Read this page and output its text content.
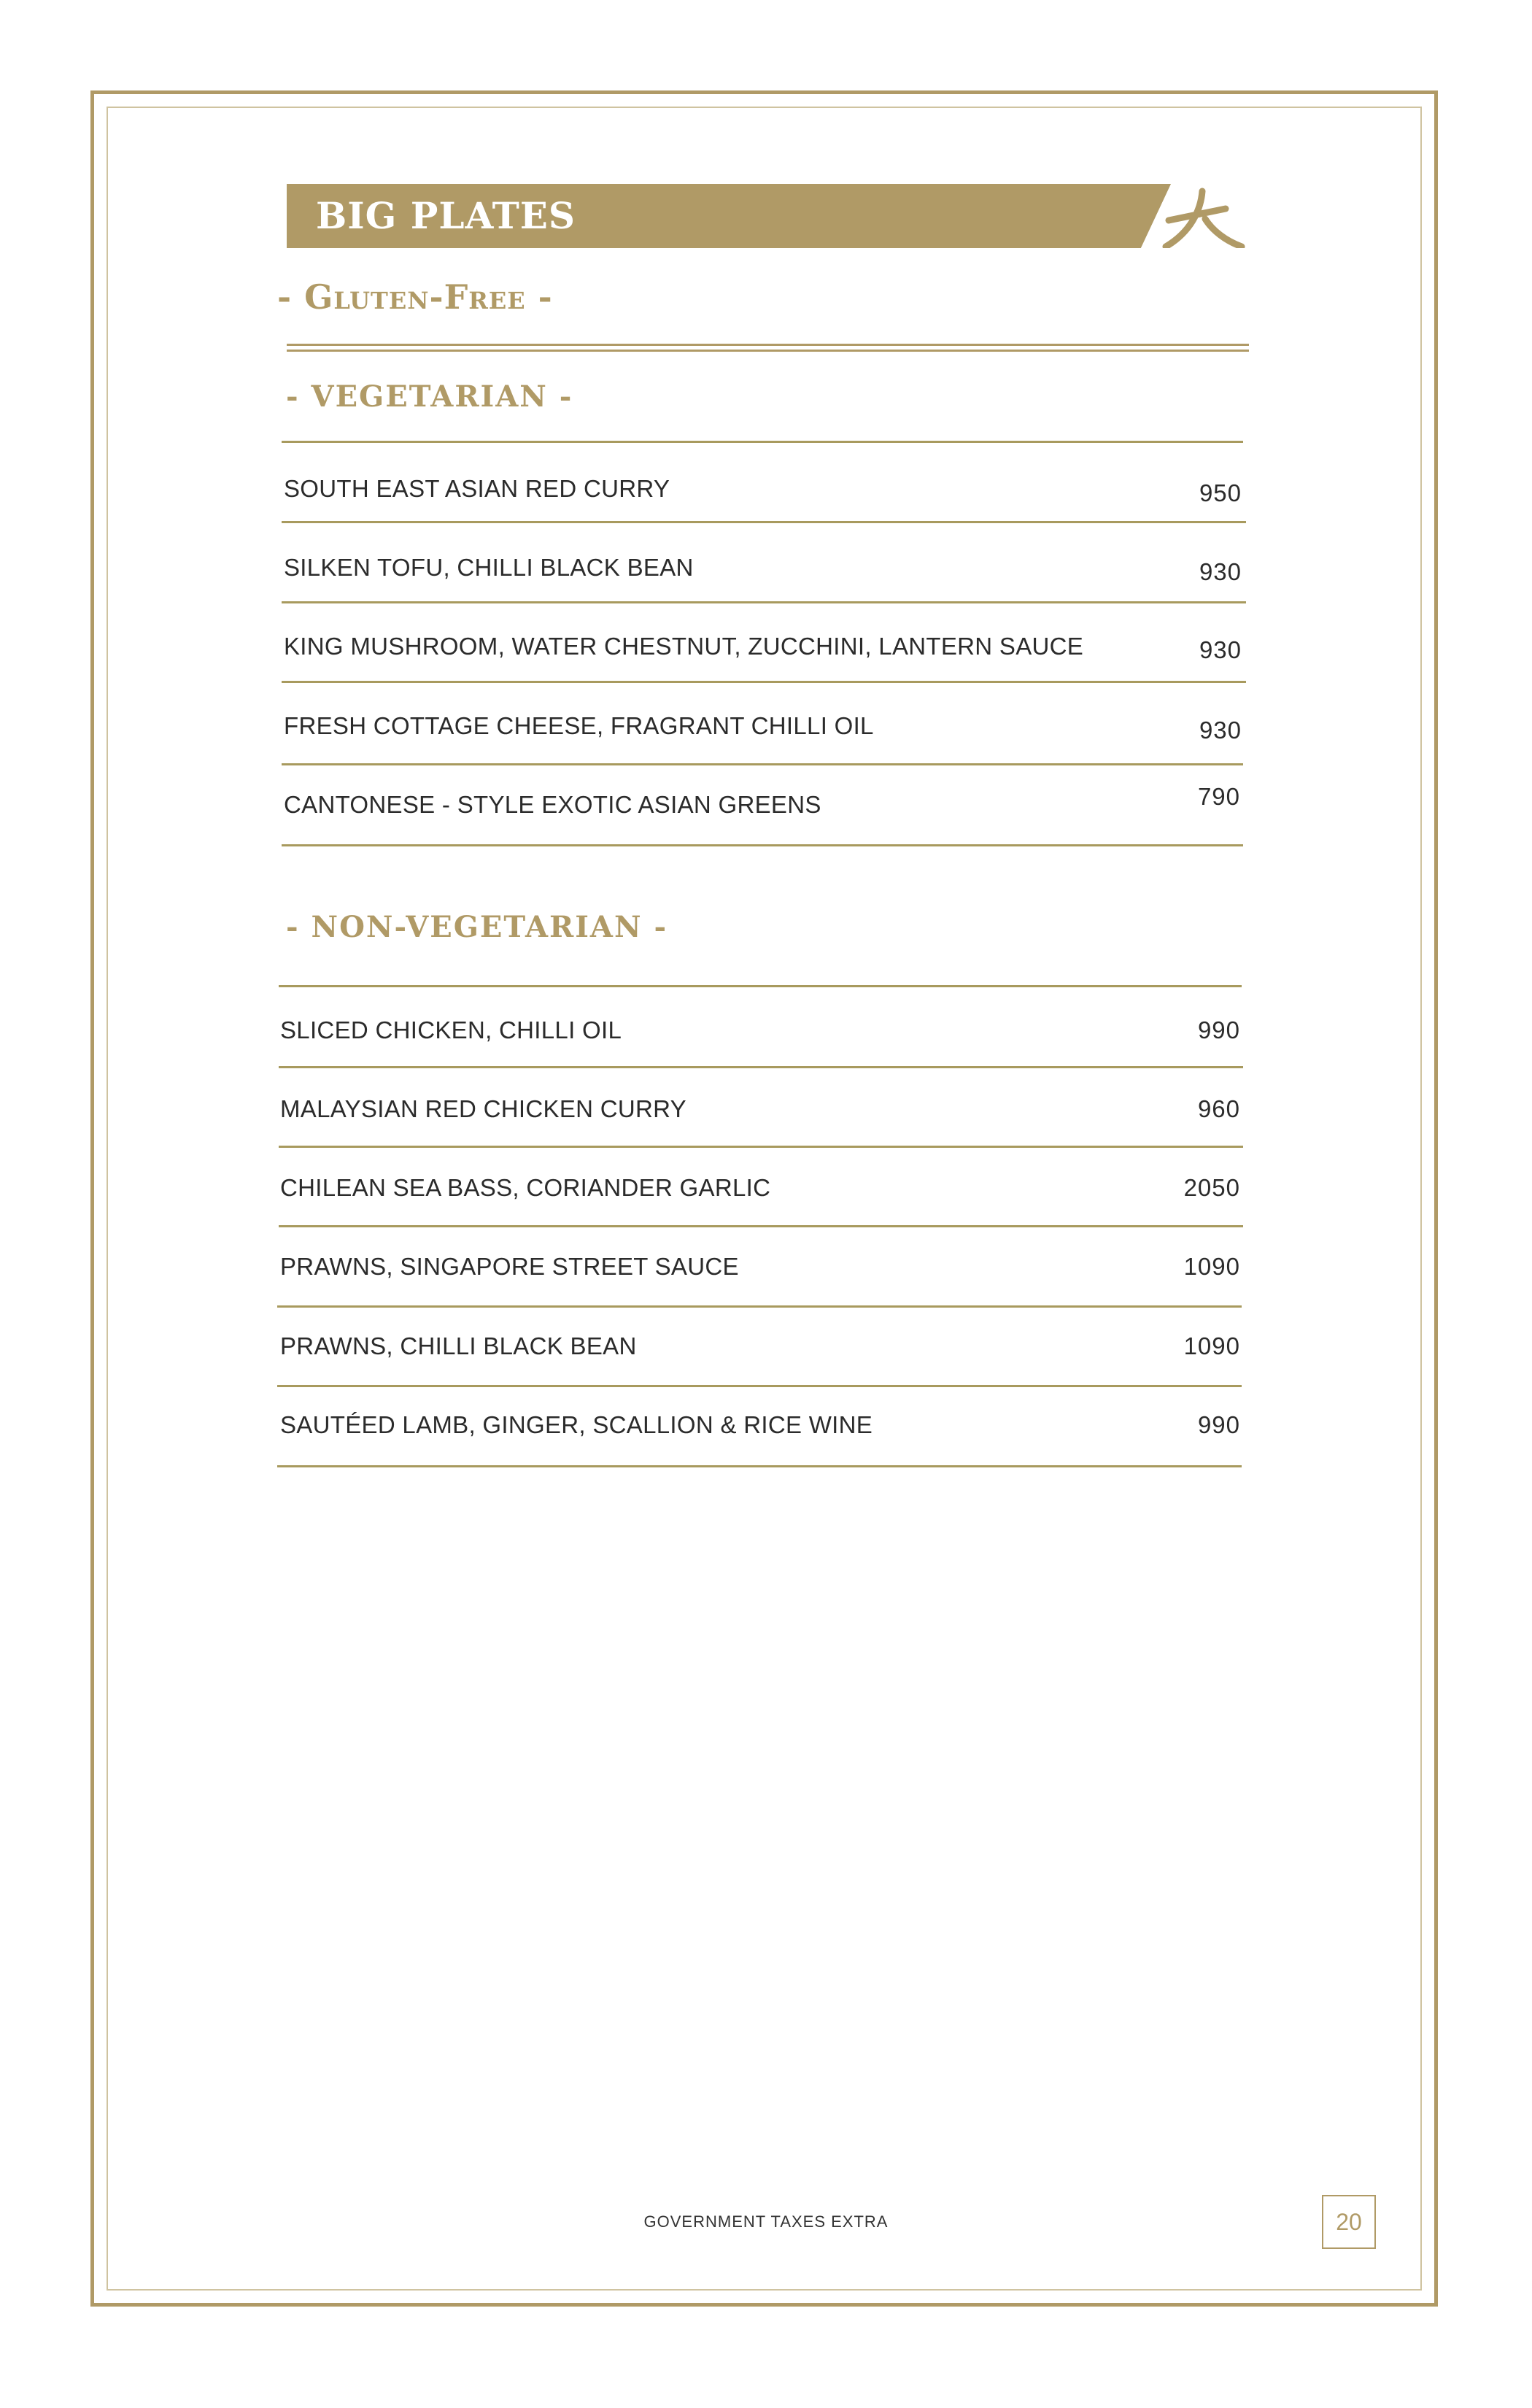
BIG PLATES
- Gluten-Free -
- VEGETARIAN -
SOUTH EAST ASIAN RED CURRY	950
SILKEN TOFU, CHILLI BLACK BEAN	930
KING MUSHROOM, WATER CHESTNUT, ZUCCHINI, LANTERN SAUCE	930
FRESH COTTAGE CHEESE, FRAGRANT CHILLI OIL	930
CANTONESE - STYLE EXOTIC ASIAN GREENS	790
- NON-VEGETARIAN -
SLICED CHICKEN, CHILLI OIL	990
MALAYSIAN RED CHICKEN CURRY	960
CHILEAN SEA BASS, CORIANDER GARLIC	2050
PRAWNS, SINGAPORE STREET SAUCE	1090
PRAWNS, CHILLI BLACK BEAN	1090
SAUTÉED LAMB, GINGER, SCALLION & RICE WINE	990
GOVERNMENT TAXES EXTRA	20
